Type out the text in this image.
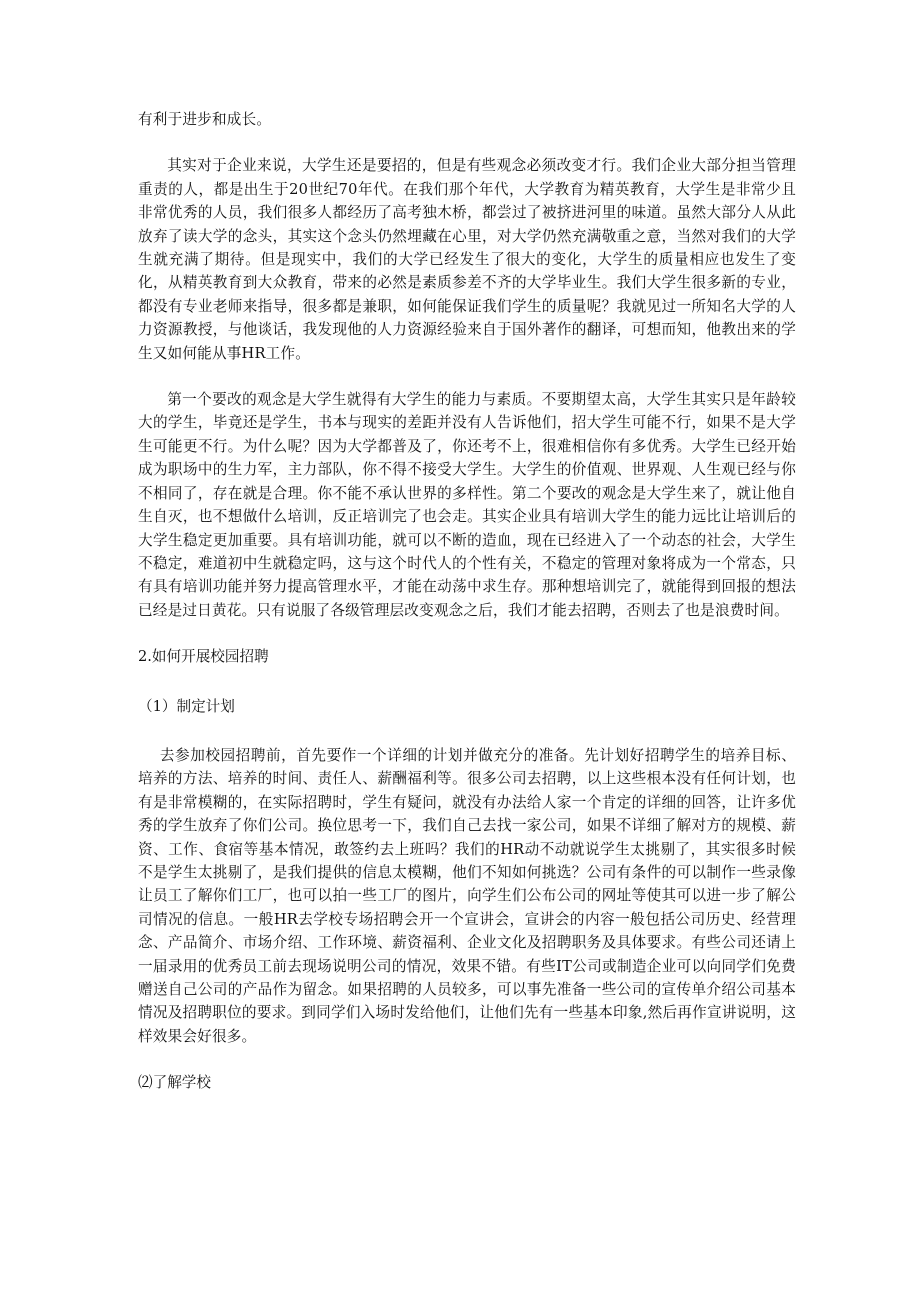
有利于进步和成长。

其实对于企业来说，大学生还是要招的，但是有些观念必须改变才行。我们企业大部分担当管理重责的人，都是出生于20世纪70年代。在我们那个年代，大学教育为精英教育，大学生是非常少且非常优秀的人员，我们很多人都经历了高考独木桥，都尝过了被挤进河里的味道。虽然大部分人从此放弃了读大学的念头，其实这个念头仍然埋藏在心里，对大学仍然充满敬重之意，当然对我们的大学生就充满了期待。但是现实中，我们的大学已经发生了很大的变化，大学生的质量相应也发生了变化，从精英教育到大众教育，带来的必然是素质参差不齐的大学毕业生。我们大学生很多新的专业，都没有专业老师来指导，很多都是兼职，如何能保证我们学生的质量呢？我就见过一所知名大学的人力资源教授，与他谈话，我发现他的人力资源经验来自于国外著作的翻译，可想而知，他教出来的学生又如何能从事HR工作。

第一个要改的观念是大学生就得有大学生的能力与素质。不要期望太高，大学生其实只是年龄较大的学生，毕竟还是学生，书本与现实的差距并没有人告诉他们，招大学生可能不行，如果不是大学生可能更不行。为什么呢？因为大学都普及了，你还考不上，很难相信你有多优秀。大学生已经开始成为职场中的生力军，主力部队，你不得不接受大学生。大学生的价值观、世界观、人生观已经与你不相同了，存在就是合理。你不能不承认世界的多样性。第二个要改的观念是大学生来了，就让他自生自灭，也不想做什么培训，反正培训完了也会走。其实企业具有培训大学生的能力远比让培训后的大学生稳定更加重要。具有培训功能，就可以不断的造血，现在已经进入了一个动态的社会，大学生不稳定，难道初中生就稳定吗，这与这个时代人的个性有关，不稳定的管理对象将成为一个常态，只有具有培训功能并努力提高管理水平，才能在动荡中求生存。那种想培训完了，就能得到回报的想法已经是过日黄花。只有说服了各级管理层改变观念之后，我们才能去招聘，否则去了也是浪费时间。

2.如何开展校园招聘
（1）制定计划

去参加校园招聘前，首先要作一个详细的计划并做充分的准备。先计划好招聘学生的培养目标、培养的方法、培养的时间、责任人、薪酬福利等。很多公司去招聘，以上这些根本没有任何计划，也有是非常模糊的，在实际招聘时，学生有疑问，就没有办法给人家一个肯定的详细的回答，让许多优秀的学生放弃了你们公司。换位思考一下，我们自己去找一家公司，如果不详细了解对方的规模、薪资、工作、食宿等基本情况，敢签约去上班吗？我们的HR动不动就说学生太挑剔了，其实很多时候不是学生太挑剔了，是我们提供的信息太模糊，他们不知如何挑选？公司有条件的可以制作一些录像让员工了解你们工厂，也可以拍一些工厂的图片，向学生们公布公司的网址等使其可以进一步了解公司情况的信息。一般HR去学校专场招聘会开一个宣讲会，宣讲会的内容一般包括公司历史、经营理念、产品简介、市场介绍、工作环境、薪资福利、企业文化及招聘职务及具体要求。有些公司还请上一届录用的优秀员工前去现场说明公司的情况，效果不错。有些IT公司或制造企业可以向同学们免费赠送自己公司的产品作为留念。如果招聘的人员较多，可以事先准备一些公司的宣传单介绍公司基本情况及招聘职位的要求。到同学们入场时发给他们，让他们先有一些基本印象,然后再作宣讲说明，这样效果会好很多。

⑵了解学校
